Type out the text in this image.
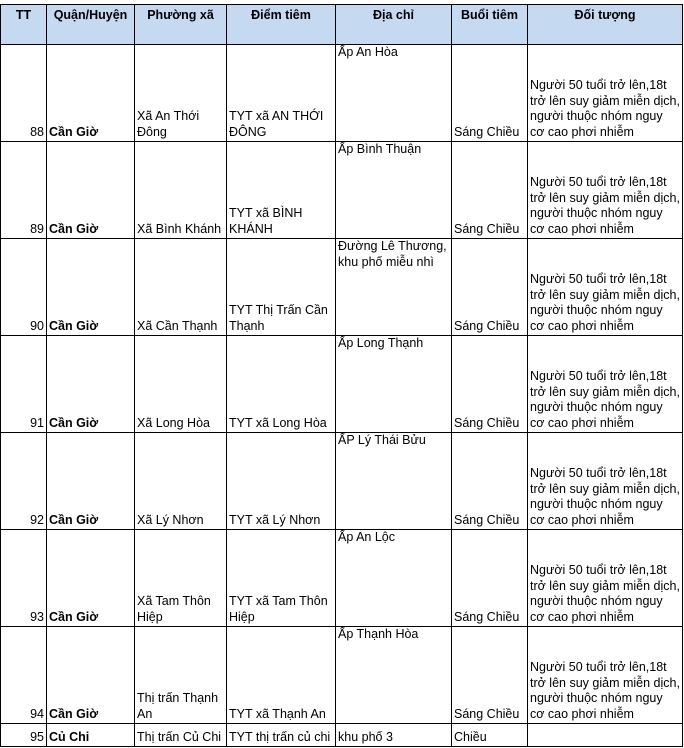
TT	Quận/Huyện	Phường xã	Điểm tiêm	Địa chỉ	Buổi tiêm	Đối tượng
88	Cần Giờ	Xã An Thới Đông	TYT xã AN THỚI ĐÔNG	Ấp An Hòa	Sáng Chiều	Người 50 tuổi trở lên,18t trở lên suy giảm miễn dịch, người thuộc nhóm nguy cơ cao phơi nhiễm
89	Cần Giờ	Xã Bình Khánh	TYT xã BÌNH KHÁNH	Ấp Bình Thuận	Sáng Chiều	Người 50 tuổi trở lên,18t trở lên suy giảm miễn dịch, người thuộc nhóm nguy cơ cao phơi nhiễm
90	Cần Giờ	Xã Cần Thạnh	TYT Thị Trấn Cần Thạnh	Đường Lê Thương, khu phố miễu nhì	Sáng Chiều	Người 50 tuổi trở lên,18t trở lên suy giảm miễn dịch, người thuộc nhóm nguy cơ cao phơi nhiễm
91	Cần Giờ	Xã Long Hòa	TYT xã Long Hòa	Ấp Long Thạnh	Sáng Chiều	Người 50 tuổi trở lên,18t trở lên suy giảm miễn dịch, người thuộc nhóm nguy cơ cao phơi nhiễm
92	Cần Giờ	Xã Lý Nhơn	TYT xã Lý Nhơn	ẤP Lý Thái Bửu	Sáng Chiều	Người 50 tuổi trở lên,18t trở lên suy giảm miễn dịch, người thuộc nhóm nguy cơ cao phơi nhiễm
93	Cần Giờ	Xã Tam Thôn Hiệp	TYT xã Tam Thôn Hiệp	Ấp An Lộc	Sáng Chiều	Người 50 tuổi trở lên,18t trở lên suy giảm miễn dịch, người thuộc nhóm nguy cơ cao phơi nhiễm
94	Cần Giờ	Thị trấn Thạnh An	TYT xã Thạnh An	Ấp Thạnh Hòa	Sáng Chiều	Người 50 tuổi trở lên,18t trở lên suy giảm miễn dịch, người thuộc nhóm nguy cơ cao phơi nhiễm
95	Củ Chi	Thị trấn Củ Chi	TYT thị trấn củ chi	khu phố 3	Chiều	
